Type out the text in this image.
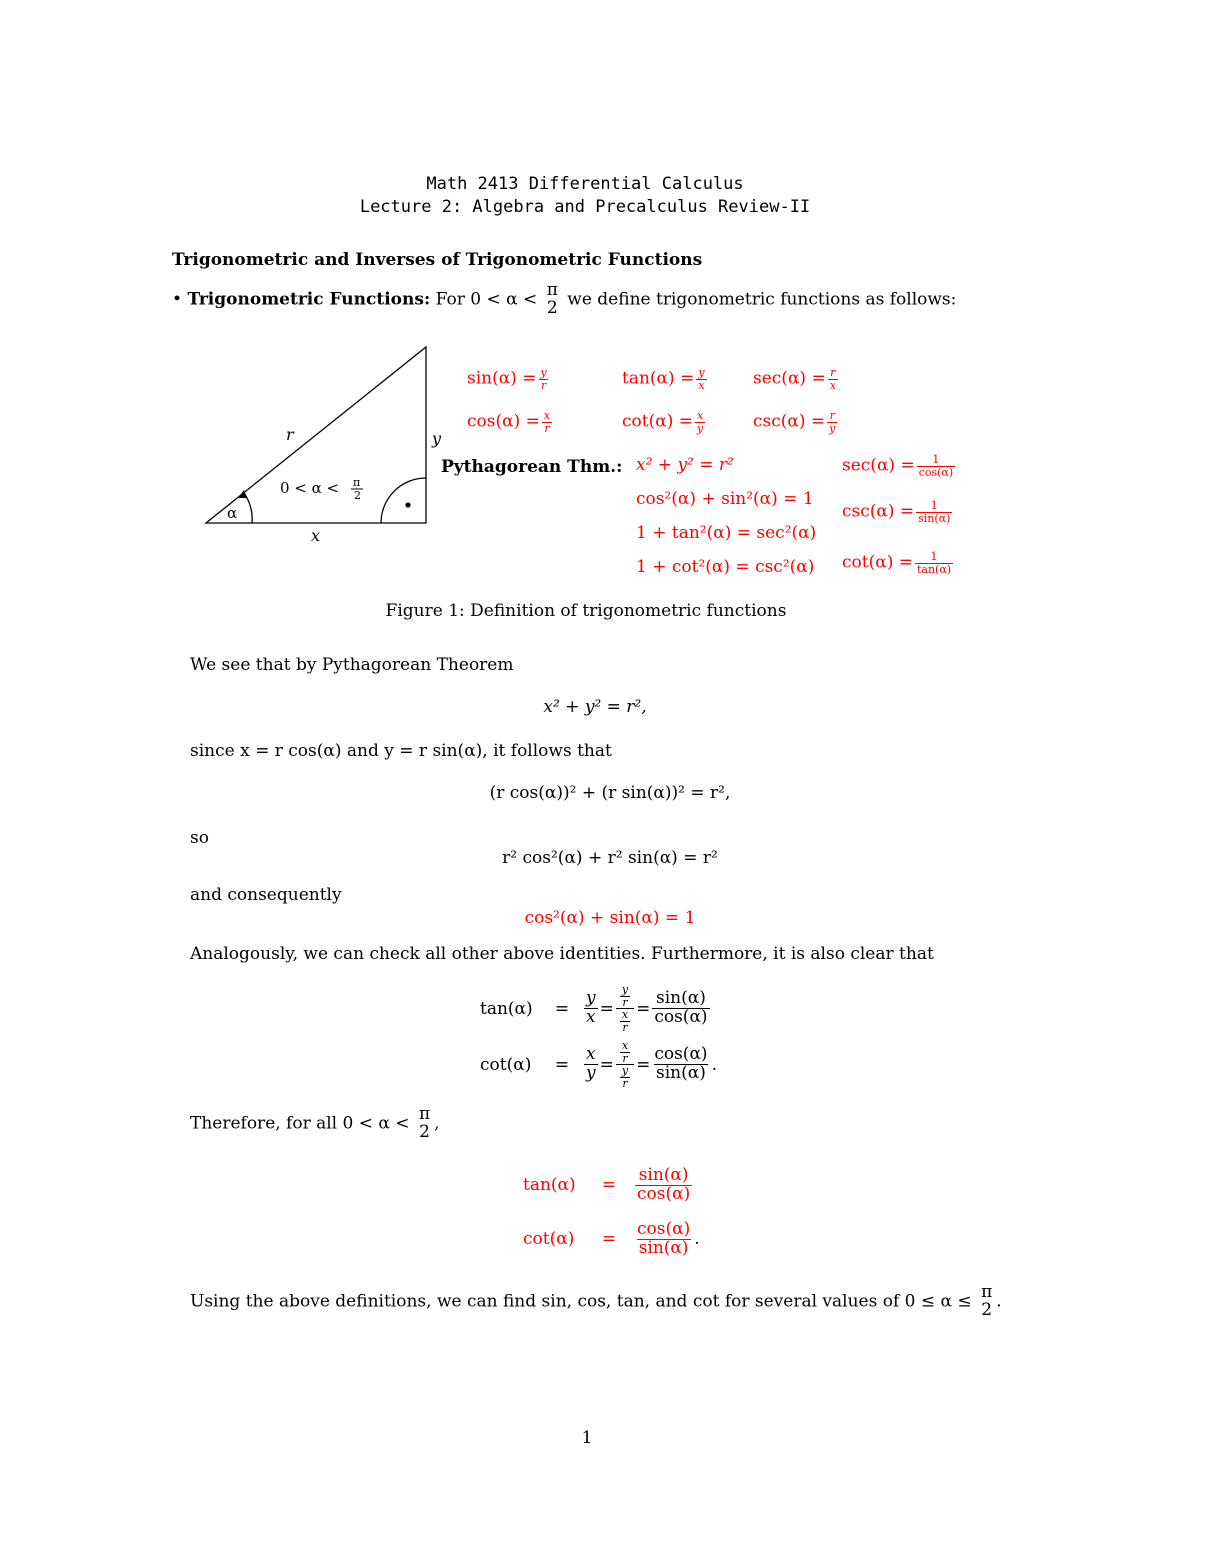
Math 2413 Differential Calculus
Lecture 2: Algebra and Precalculus Review-II
Trigonometric and Inverses of Trigonometric Functions
• Trigonometric Functions: For 0 < α < π
2 we define trigonometric functions as follows:
r	y
x
α
0 < α < π
2
$\sin(\alpha) = \frac{y}{r}$	$\tan(\alpha) = \frac{y}{x}$	$\sec(\alpha) = \frac{r}{x}$
$\cos(\alpha) = \frac{x}{r}$	$\cot(\alpha) = \frac{x}{y}$	$\csc(\alpha) = \frac{r}{y}$
Pythagorean Thm.: x² + y² = r²
cos²(α) + sin²(α) = 1
1 + tan²(α) = sec²(α)
1 + cot²(α) = csc²(α)
$\sec(\alpha) = \frac{1}{\cos(\alpha)}$
$\csc(\alpha) = \frac{1}{\sin(\alpha)}$
$\cot(\alpha) = \frac{1}{\tan(\alpha)}$
Figure 1: Definition of trigonometric functions
We see that by Pythagorean Theorem
x² + y² = r²,
since x = r cos(α) and y = r sin(α), it follows that
(r cos(α))² + (r sin(α))² = r²,
so
r² cos²(α) + r² sin(α) = r²
and consequently
cos²(α) + sin(α) = 1
Analogously, we can check all other above identities. Furthermore, it is also clear that
tan(α)	= $\frac{y}{x} = \frac{\frac{y}{r}}{\frac{x}{r}} = \frac{\sin(\alpha)}{\cos(\alpha)}$
cot(α)	= $\frac{x}{y} = \frac{\frac{x}{r}}{\frac{y}{r}} = \frac{\cos(\alpha)}{\sin(\alpha)}$ .
Therefore, for all 0 < α < π
2 ,
tan(α)	=	$\frac{\sin(\alpha)}{\cos(\alpha)}$
cot(α)	=	$\frac{\cos(\alpha)}{\sin(\alpha)}$ .
Using the above definitions, we can find sin, cos, tan, and cot for several values of 0 ≤ α ≤ π
2 .
1
